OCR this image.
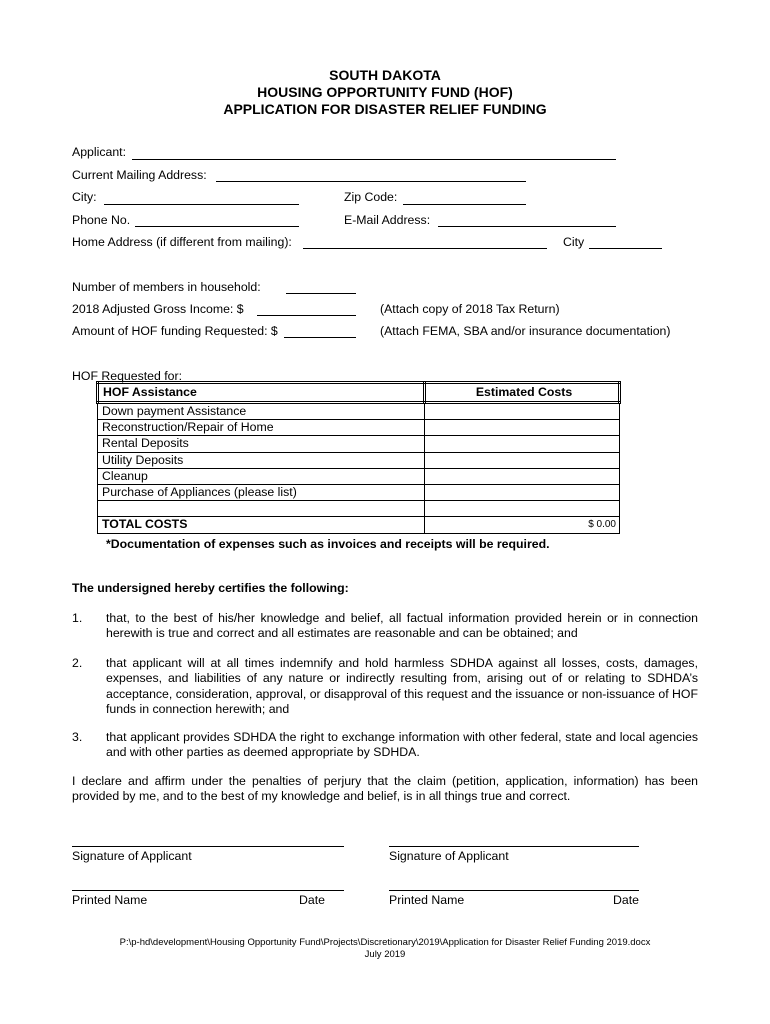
SOUTH DAKOTA
HOUSING OPPORTUNITY FUND (HOF)
APPLICATION FOR DISASTER RELIEF FUNDING
Applicant:
Current Mailing Address:
City:	Zip Code:
Phone No.	E-Mail Address:
Home Address (if different from mailing):	City
Number of members in household:
2018 Adjusted Gross Income: $	(Attach copy of 2018 Tax Return)
Amount of HOF funding Requested: $	(Attach FEMA, SBA and/or insurance documentation)
HOF Requested for:
HOF Assistance	Estimated Costs
Down payment Assistance	
Reconstruction/Repair of Home	
Rental Deposits	
Utility Deposits	
Cleanup	
Purchase of Appliances (please list)	

TOTAL COSTS	$ 0.00
*Documentation of expenses such as invoices and receipts will be required.
The undersigned hereby certifies the following:
1. that, to the best of his/her knowledge and belief, all factual information provided herein or in connection herewith is true and correct and all estimates are reasonable and can be obtained; and
2. that applicant will at all times indemnify and hold harmless SDHDA against all losses, costs, damages, expenses, and liabilities of any nature or indirectly resulting from, arising out of or relating to SDHDA’s acceptance, consideration, approval, or disapproval of this request and the issuance or non-issuance of HOF funds in connection herewith; and
3. that applicant provides SDHDA the right to exchange information with other federal, state and local agencies and with other parties as deemed appropriate by SDHDA.
I declare and affirm under the penalties of perjury that the claim (petition, application, information) has been provided by me, and to the best of my knowledge and belief, is in all things true and correct.
Signature of Applicant	Signature of Applicant
Printed Name	Date	Printed Name	Date
P:\p-hd\development\Housing Opportunity Fund\Projects\Discretionary\2019\Application for Disaster Relief Funding 2019.docx
July 2019
